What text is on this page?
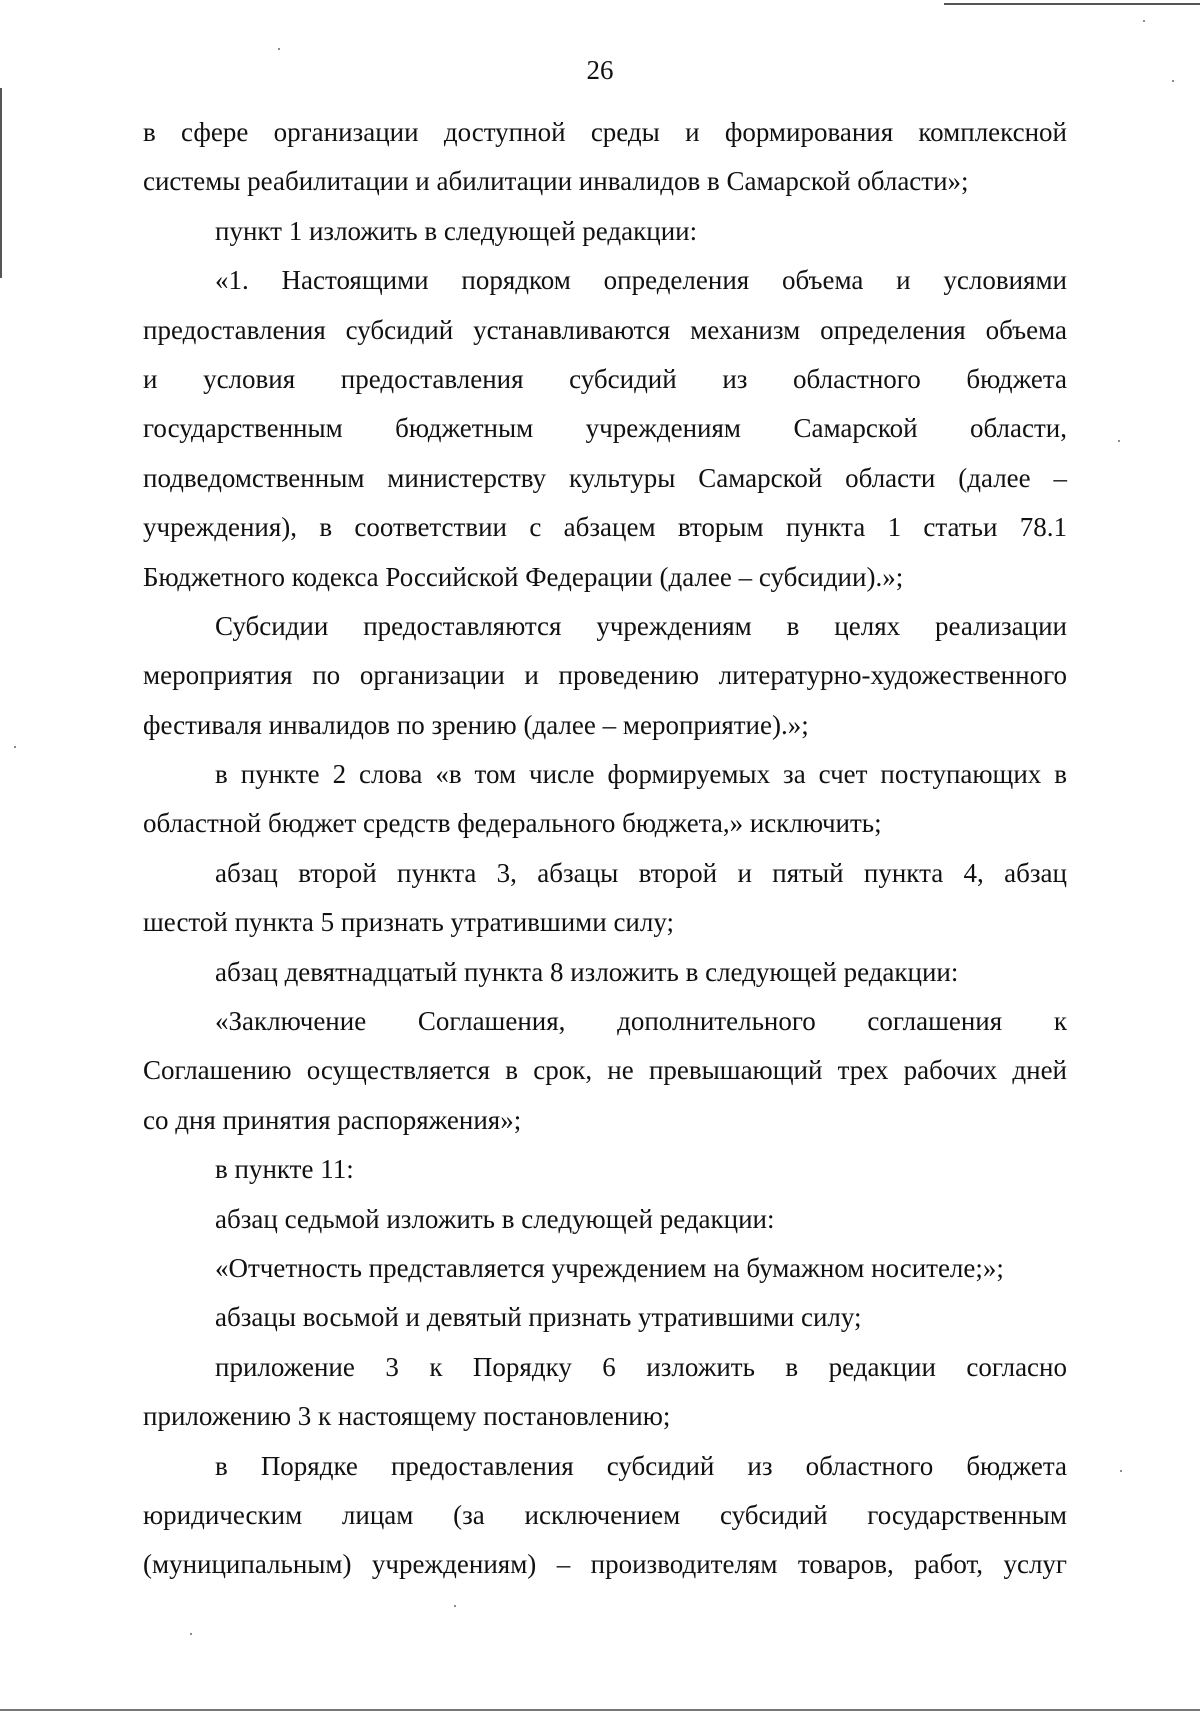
26
в сфере организации доступной среды и формирования комплексной
системы реабилитации и абилитации инвалидов в Самарской области»;
пункт 1 изложить в следующей редакции:
«1. Настоящими порядком определения объема и условиями
предоставления субсидий устанавливаются механизм определения объема
и условия предоставления субсидий из областного бюджета
государственным бюджетным учреждениям Самарской области,
подведомственным министерству культуры Самарской области (далее –
учреждения), в соответствии с абзацем вторым пункта 1 статьи 78.1
Бюджетного кодекса Российской Федерации (далее – субсидии).»;
Субсидии предоставляются учреждениям в целях реализации
мероприятия по организации и проведению литературно-художественного
фестиваля инвалидов по зрению (далее – мероприятие).»;
в пункте 2 слова «в том числе формируемых за счет поступающих в
областной бюджет средств федерального бюджета,» исключить;
абзац второй пункта 3, абзацы второй и пятый пункта 4, абзац
шестой пункта 5 признать утратившими силу;
абзац девятнадцатый пункта 8 изложить в следующей редакции:
«Заключение Соглашения, дополнительного соглашения к
Соглашению осуществляется в срок, не превышающий трех рабочих дней
со дня принятия распоряжения»;
в пункте 11:
абзац седьмой изложить в следующей редакции:
«Отчетность представляется учреждением на бумажном носителе;»;
абзацы восьмой и девятый признать утратившими силу;
приложение 3 к Порядку 6 изложить в редакции согласно
приложению 3 к настоящему постановлению;
в Порядке предоставления субсидий из областного бюджета
юридическим лицам (за исключением субсидий государственным
(муниципальным) учреждениям) – производителям товаров, работ, услуг
